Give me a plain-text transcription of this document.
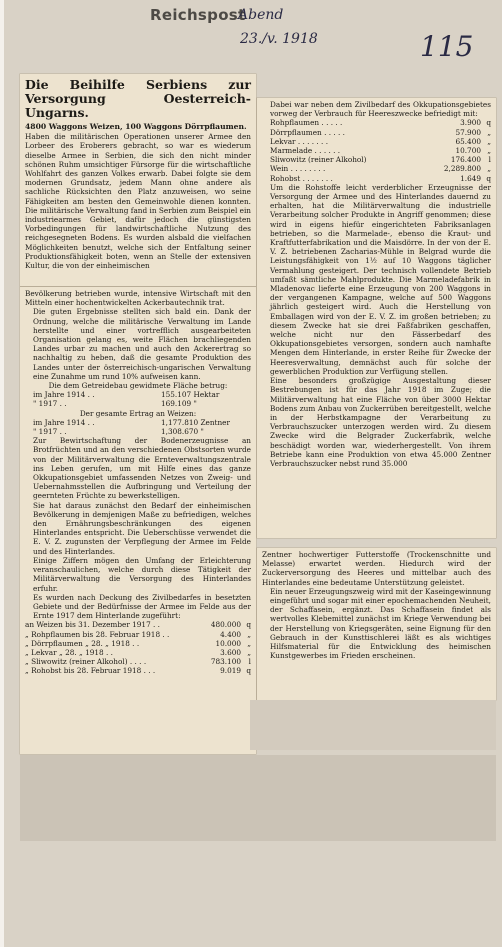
Reichspost
Abend
23./v. 1918	115
Die Beihilfe Serbiens zur Versorgung Oesterreich-Ungarns.
4800 Waggons Weizen, 100 Waggons Dörrpflaumen.
Haben die militärischen Operationen unserer Armee den Lorbeer des Eroberers gebracht, so war es wiederum dieselbe Armee in Serbien, die sich den nicht minder schönen Ruhm umsichtiger Fürsorge für die wirtschaftliche Wohlfahrt des ganzen Volkes erwarb. Dabei folgte sie dem modernen Grundsatz, jedem Mann ohne andere als sachliche Rücksichten den Platz anzuweisen, wo seine Fähigkeiten am besten den Gemeinwohle dienen konnten. Die militärische Verwaltung fand in Serbien zum Beispiel ein industriearmes Gebiet, dafür jedoch die günstigsten Vorbedingungen für landwirtschaftliche Nutzung des reichgesegneten Bodens. Es wurden alsbald die vielfachen Möglichkeiten benutzt, welche sich der Entfaltung seiner Produktionsfähigkeit boten, wenn an Stelle der extensiven Kultur, die von der einheimischen
Bevölkerung betrieben wurde, intensive Wirtschaft mit den Mitteln einer hochentwickelten Ackerbautechnik trat.
Die guten Ergebnisse stellten sich bald ein. Dank der Ordnung, welche die militärische Verwaltung im Lande herstellte und einer vortrefflich ausgearbeiteten Organisation gelang es, weite Flächen brachliegenden Landes urbar zu machen und auch den Ackerertrag so nachhaltig zu heben, daß die gesamte Produktion des Landes unter der österreichisch-ungarischen Verwaltung eine Zunahme um rund 10% aufweisen kann.
Die dem Getreidebau gewidmete Fläche betrug:
im Jahre 1914 . .	155.107 Hektar
" 1917 . .	169.109 "
Der gesamte Ertrag an Weizen:
im Jahre 1914 . .	1,177.810 Zentner
" 1917 . .	1,308.670 "
Zur Bewirtschaftung der Bodenerzeugnisse an Brotfrüchten und an den verschiedenen Obstsorten wurde von der Militärverwaltung die Ernteverwaltungszentrale ins Leben gerufen, um mit Hilfe eines das ganze Okkupationsgebiet umfassenden Netzes von Zweig- und Uebernahmsstellen die Aufbringung und Verteilung der geernteten Früchte zu bewerkstelligen.
Sie hat daraus zunächst den Bedarf der einheimischen Bevölkerung in demjenigen Maße zu befriedigen, welches den Ernährungsbeschränkungen des eigenen Hinterlandes entspricht. Die Ueberschüsse verwendet die E. V. Z. zugunsten der Verpflegung der Armee im Felde und des Hinterlandes.
Einige Ziffern mögen den Umfang der Erleichterung veranschaulichen, welche durch diese Tätigkeit der Militärverwaltung die Versorgung des Hinterlandes erfuhr.
Es wurden nach Deckung des Zivilbedarfes in besetzten Gebiete und der Bedürfnisse der Armee im Felde aus der Ernte 1917 dem Hinterlande zugeführt:
an Weizen bis 31. Dezember 1917 . .	480.000 q
„ Rohpflaumen bis 28. Februar 1918 . .	4.400 „
„ Dörrpflaumen „ 28. „ 1918 . .	10.000 „
„ Lekvar „ 28. „ 1918 . .	3.600 „
„ Sliwowitz (reiner Alkohol) . . . .	783.100	l
„ Rohobst bis 28. Februar 1918 . . .	9.019 q
Dabei war neben dem Zivilbedarf des Okkupationsgebietes vorweg der Verbrauch für Heereszwecke befriedigt mit:
Rohpflaumen . . . . .	3.900 q
Dörrpflaumen . . . . .	57.900 „
Lekvar . . . . . . .	65.400 „
Marmelade . . . . . .	10.700 „
Sliwowitz (reiner Alkohol)	176.400	l
Wein . . . . . . . .	2,289.800 „
Rohobst . . . . . . .	1.649 q
Um die Rohstoffe leicht verderblicher Erzeugnisse der Versorgung der Armee und des Hinterlandes dauernd zu erhalten, hat die Militärverwaltung die industrielle Verarbeitung solcher Produkte in Angriff genommen; diese wird in eigens hiefür eingerichteten Fabriksanlagen betrieben, so die Marmelade-, ebenso die Kraut- und Kraftfutterfabrikation und die Maisdörre. In der von der E. V. Z. betriebenen Zacharias-Mühle in Belgrad wurde die Leistungsfähigkeit von 1½ auf 10 Waggons täglicher Vermahlung gesteigert. Der technisch vollendete Betrieb umfaßt sämtliche Mahlprodukte. Die Marmeladefabrik in Mladenovac lieferte eine Erzeugung von 200 Waggons in der vergangenen Kampagne, welche auf 500 Waggons jährlich gesteigert wird. Auch die Herstellung von Emballagen wird von der E. V. Z. im großen betrieben; zu diesem Zwecke hat sie drei Faßfabriken geschaffen, welche nicht nur den Fässerbedarf des Okkupationsgebietes versorgen, sondern auch namhafte Mengen dem Hinterlande, in erster Reihe für Zwecke der Heeresverwaltung, demnächst auch für solche der gewerblichen Produktion zur Verfügung stellen.
Eine besonders großzügige Ausgestaltung dieser Bestrebungen ist für das Jahr 1918 im Zuge; die Militärverwaltung hat eine Fläche von über 3000 Hektar Bodens zum Anbau von Zuckerrüben bereitgestellt, welche in der Herbstkampagne der Verarbeitung zu Verbrauchszucker unterzogen werden wird. Zu diesem Zwecke wird die Belgrader Zuckerfabrik, welche beschädigt worden war, wiederhergestellt. Von ihrem Betriebe kann eine Produktion von etwa 45.000 Zentner Verbrauchszucker nebst rund 35.000
Zentner hochwertiger Futterstoffe (Trockenschnitte und Melasse) erwartet werden. Hiedurch wird der Zuckerversorgung des Heeres und mittelbar auch des Hinterlandes eine bedeutame Unterstützung geleistet.
Ein neuer Erzeugungszweig wird mit der Kaseingewinnung eingeführt und sogar mit einer epochemachenden Neuheit, der Schaffasein, ergänzt. Das Schaffasein findet als wertvolles Klebemittel zunächst im Kriege Verwendung bei der Herstellung von Kriegsgeräten, seine Eignung für den Gebrauch in der Kunsttischlerei läßt es als wichtiges Hilfsmaterial für die Entwicklung des heimischen Kunstgewerbes im Frieden erscheinen.
